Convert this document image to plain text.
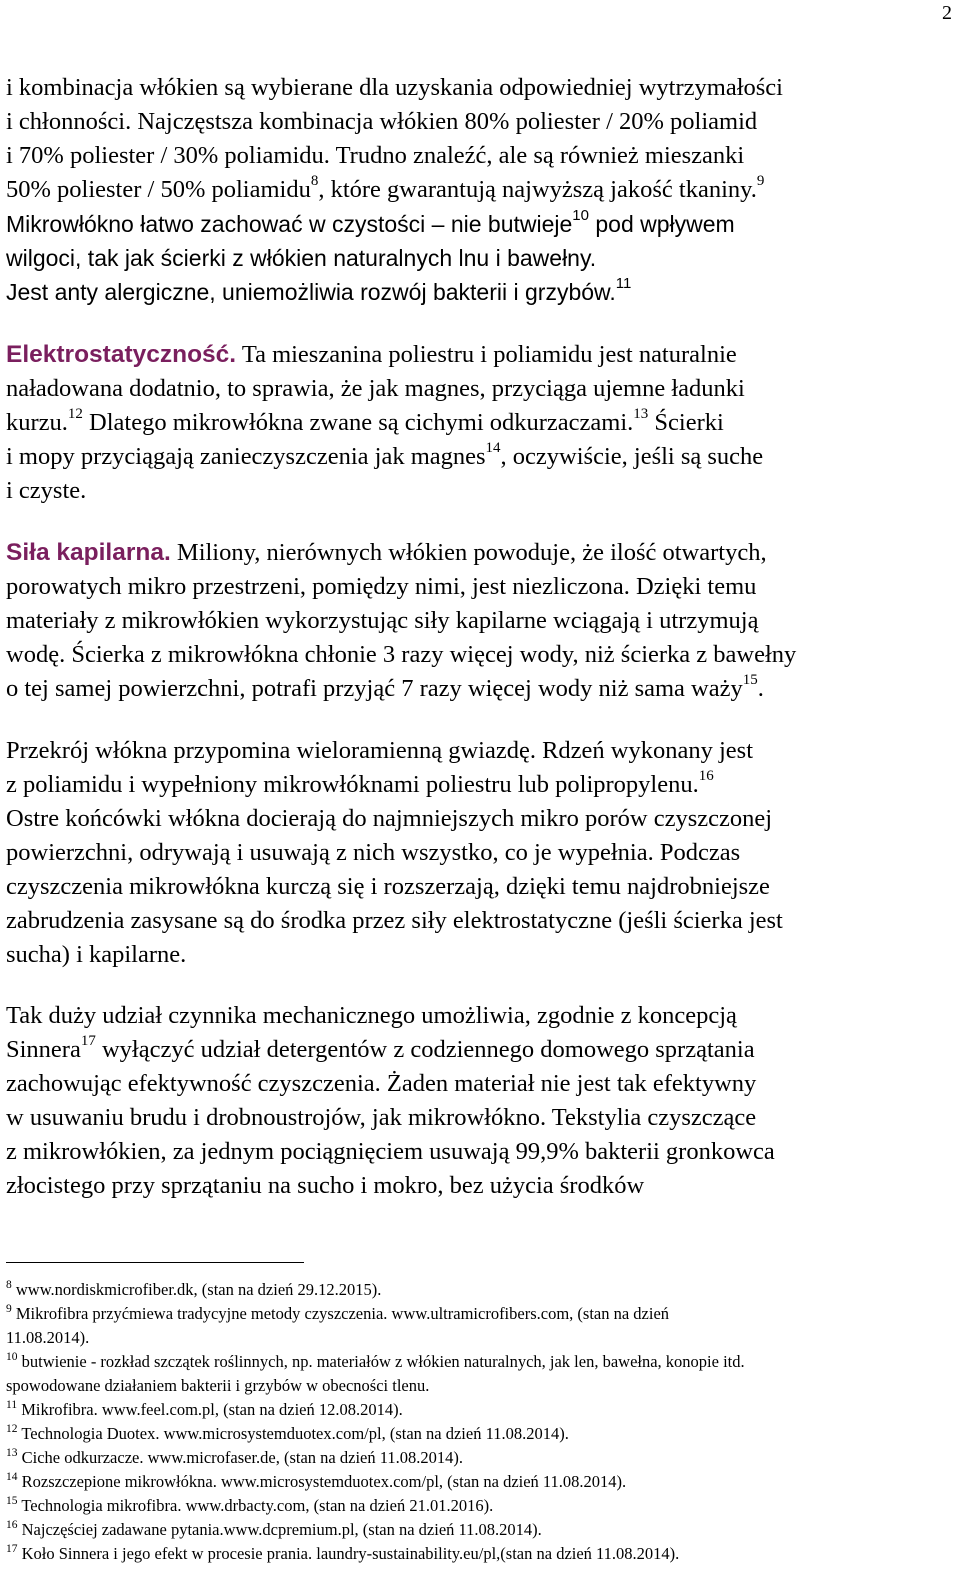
2
i kombinacja włókien są wybierane dla uzyskania odpowiedniej wytrzymałości
i chłonności. Najczęstsza kombinacja włókien 80% poliester / 20% poliamid
i 70% poliester / 30% poliamidu. Trudno znaleźć, ale są również mieszanki
50% poliester / 50% poliamidu$^8$, które gwarantują najwyższą jakość tkaniny.$^9$
Mikrowłókno łatwo zachować w czystości – nie butwieje$^{10}$ pod wpływem
wilgoci, tak jak ścierki z włókien naturalnych lnu i bawełny.
Jest anty alergiczne, uniemożliwia rozwój bakterii i grzybów.$^{11}$
Elektrostatyczność. Ta mieszanina poliestru i poliamidu jest naturalnie
naładowana dodatnio, to sprawia, że jak magnes, przyciąga ujemne ładunki
kurzu.$^{12}$ Dlatego mikrowłókna zwane są cichymi odkurzaczami.$^{13}$ Ścierki
i mopy przyciągają zanieczyszczenia jak magnes$^{14}$, oczywiście, jeśli są suche
i czyste.
Siła kapilarna. Miliony, nierównych włókien powoduje, że ilość otwartych,
porowatych mikro przestrzeni, pomiędzy nimi, jest niezliczona. Dzięki temu
materiały z mikrowłókien wykorzystując siły kapilarne wciągają i utrzymują
wodę. Ścierka z mikrowłókna chłonie 3 razy więcej wody, niż ścierka z bawełny
o tej samej powierzchni, potrafi przyjąć 7 razy więcej wody niż sama waży$^{15}$.
Przekrój włókna przypomina wieloramienną gwiazdę. Rdzeń wykonany jest
z poliamidu i wypełniony mikrowłóknami poliestru lub polipropylenu.$^{16}$
Ostre końcówki włókna docierają do najmniejszych mikro porów czyszczonej
powierzchni, odrywają i usuwają z nich wszystko, co je wypełnia. Podczas
czyszczenia mikrowłókna kurczą się i rozszerzają, dzięki temu najdrobniejsze
zabrudzenia zasysane są do środka przez siły elektrostatyczne (jeśli ścierka jest
sucha) i kapilarne.
Tak duży udział czynnika mechanicznego umożliwia, zgodnie z koncepcją
Sinnera$^{17}$ wyłączyć udział detergentów z codziennego domowego sprzątania
zachowując efektywność czyszczenia. Żaden materiał nie jest tak efektywny
w usuwaniu brudu i drobnoustrojów, jak mikrowłókno. Tekstylia czyszczące
z mikrowłókien, za jednym pociągnięciem usuwają 99,9% bakterii gronkowca
złocistego przy sprzątaniu na sucho i mokro, bez użycia środków
$^8$ www.nordiskmicrofiber.dk, (stan na dzień 29.12.2015).
$^9$ Mikrofibra przyćmiewa tradycyjne metody czyszczenia. www.ultramicrofibers.com, (stan na dzień
11.08.2014).
$^{10}$ butwienie - rozkład szczątek roślinnych, np. materiałów z włókien naturalnych, jak len, bawełna, konopie itd.
spowodowane działaniem bakterii i grzybów w obecności tlenu.
$^{11}$ Mikrofibra. www.feel.com.pl, (stan na dzień 12.08.2014).
$^{12}$ Technologia Duotex. www.microsystemduotex.com/pl, (stan na dzień 11.08.2014).
$^{13}$ Ciche odkurzacze. www.microfaser.de, (stan na dzień 11.08.2014).
$^{14}$ Rozszczepione mikrowłókna. www.microsystemduotex.com/pl, (stan na dzień 11.08.2014).
$^{15}$ Technologia mikrofibra. www.drbacty.com, (stan na dzień 21.01.2016).
$^{16}$ Najczęściej zadawane pytania.www.dcpremium.pl, (stan na dzień 11.08.2014).
$^{17}$ Koło Sinnera i jego efekt w procesie prania. laundry-sustainability.eu/pl,(stan na dzień 11.08.2014).
